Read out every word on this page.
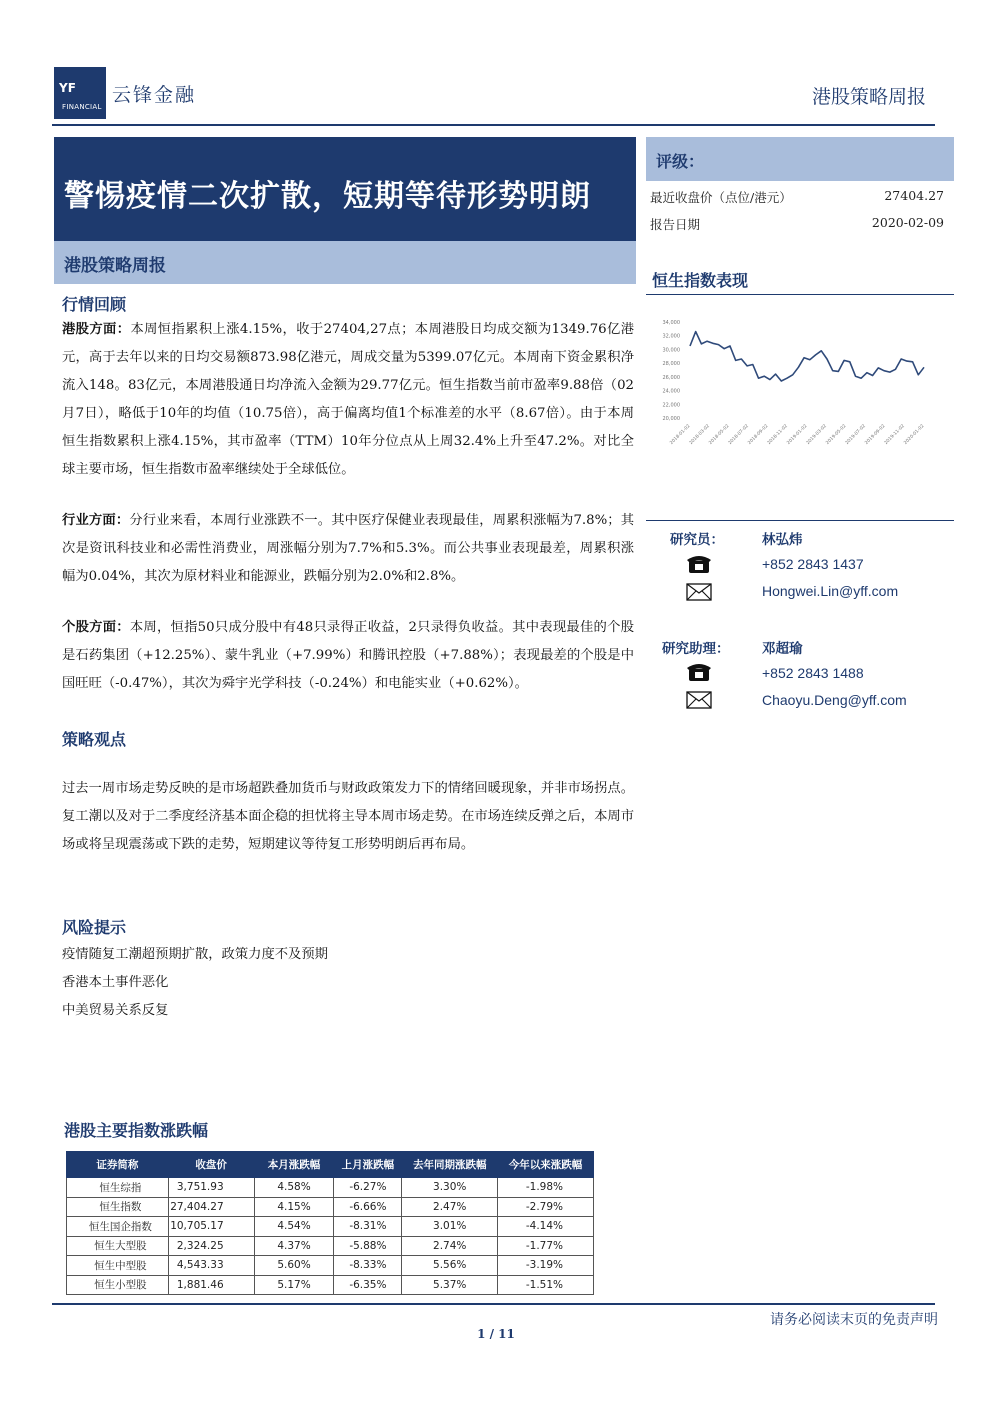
YF
FINANCIAL
云锋金融	港股策略周报
警惕疫情二次扩散，短期等待形势明朗
港股策略周报
行情回顾
港股方面：本周恒指累积上涨4.15%，收于27404,27点；本周港股日均成交额为1349.76亿港元，高于去年以来的日均交易额873.98亿港元，周成交量为5399.07亿元。本周南下资金累积净流入148。83亿元，本周港股通日均净流入金额为29.77亿元。恒生指数当前市盈率9.88倍（02月7日），略低于10年的均值（10.75倍），高于偏离均值1个标准差的水平（8.67倍）。由于本周恒生指数累积上涨4.15%，其市盈率（TTM）10年分位点从上周32.4%上升至47.2%。对比全球主要市场，恒生指数市盈率继续处于全球低位。
行业方面：分行业来看，本周行业涨跌不一。其中医疗保健业表现最佳，周累积涨幅为7.8%；其次是资讯科技业和必需性消费业，周涨幅分别为7.7%和5.3%。而公共事业表现最差，周累积涨幅为0.04%，其次为原材料业和能源业，跌幅分别为2.0%和2.8%。
个股方面：本周，恒指50只成分股中有48只录得正收益，2只录得负收益。其中表现最佳的个股是石药集团（+12.25%）、蒙牛乳业（+7.99%）和腾讯控股（+7.88%）；表现最差的个股是中国旺旺（-0.47%），其次为舜宇光学科技（-0.24%）和电能实业（+0.62%）。
策略观点
过去一周市场走势反映的是市场超跌叠加货币与财政政策发力下的情绪回暖现象，并非市场拐点。复工潮以及对于二季度经济基本面企稳的担忧将主导本周市场走势。在市场连续反弹之后，本周市场或将呈现震荡或下跌的走势，短期建议等待复工形势明朗后再布局。
风险提示
疫情随复工潮超预期扩散，政策力度不及预期
香港本土事件恶化
中美贸易关系反复
评级：
最近收盘价（点位/港元）	27404.27
报告日期	2020-02-09
恒生指数表现
34,000
32,000
30,000
28,000
26,000
24,000
22,000
20,000
2018-01-02
2018-03-02
2018-05-02
2018-07-02
2018-09-02
2018-11-02
2019-01-02
2019-03-02
2019-05-02
2019-07-02
2019-09-02
2019-11-02
2020-01-02
研究员：	林弘炜
+852 2843 1437
Hongwei.Lin@yff.com
研究助理： 邓超瑜
+852 2843 1488
Chaoyu.Deng@yff.com
港股主要指数涨跌幅
证券简称	收盘价	本月涨跌幅	上月涨跌幅	去年同期涨跌幅	今年以来涨跌幅
恒生综指	3,751.93	4.58%	-6.27%	3.30%	-1.98%
恒生指数	27,404.27	4.15%	-6.66%	2.47%	-2.79%
恒生国企指数	10,705.17	4.54%	-8.31%	3.01%	-4.14%
恒生大型股	2,324.25	4.37%	-5.88%	2.74%	-1.77%
恒生中型股	4,543.33	5.60%	-8.33%	5.56%	-3.19%
恒生小型股	1,881.46	5.17%	-6.35%	5.37%	-1.51%
请务必阅读末页的免责声明
1 / 11
